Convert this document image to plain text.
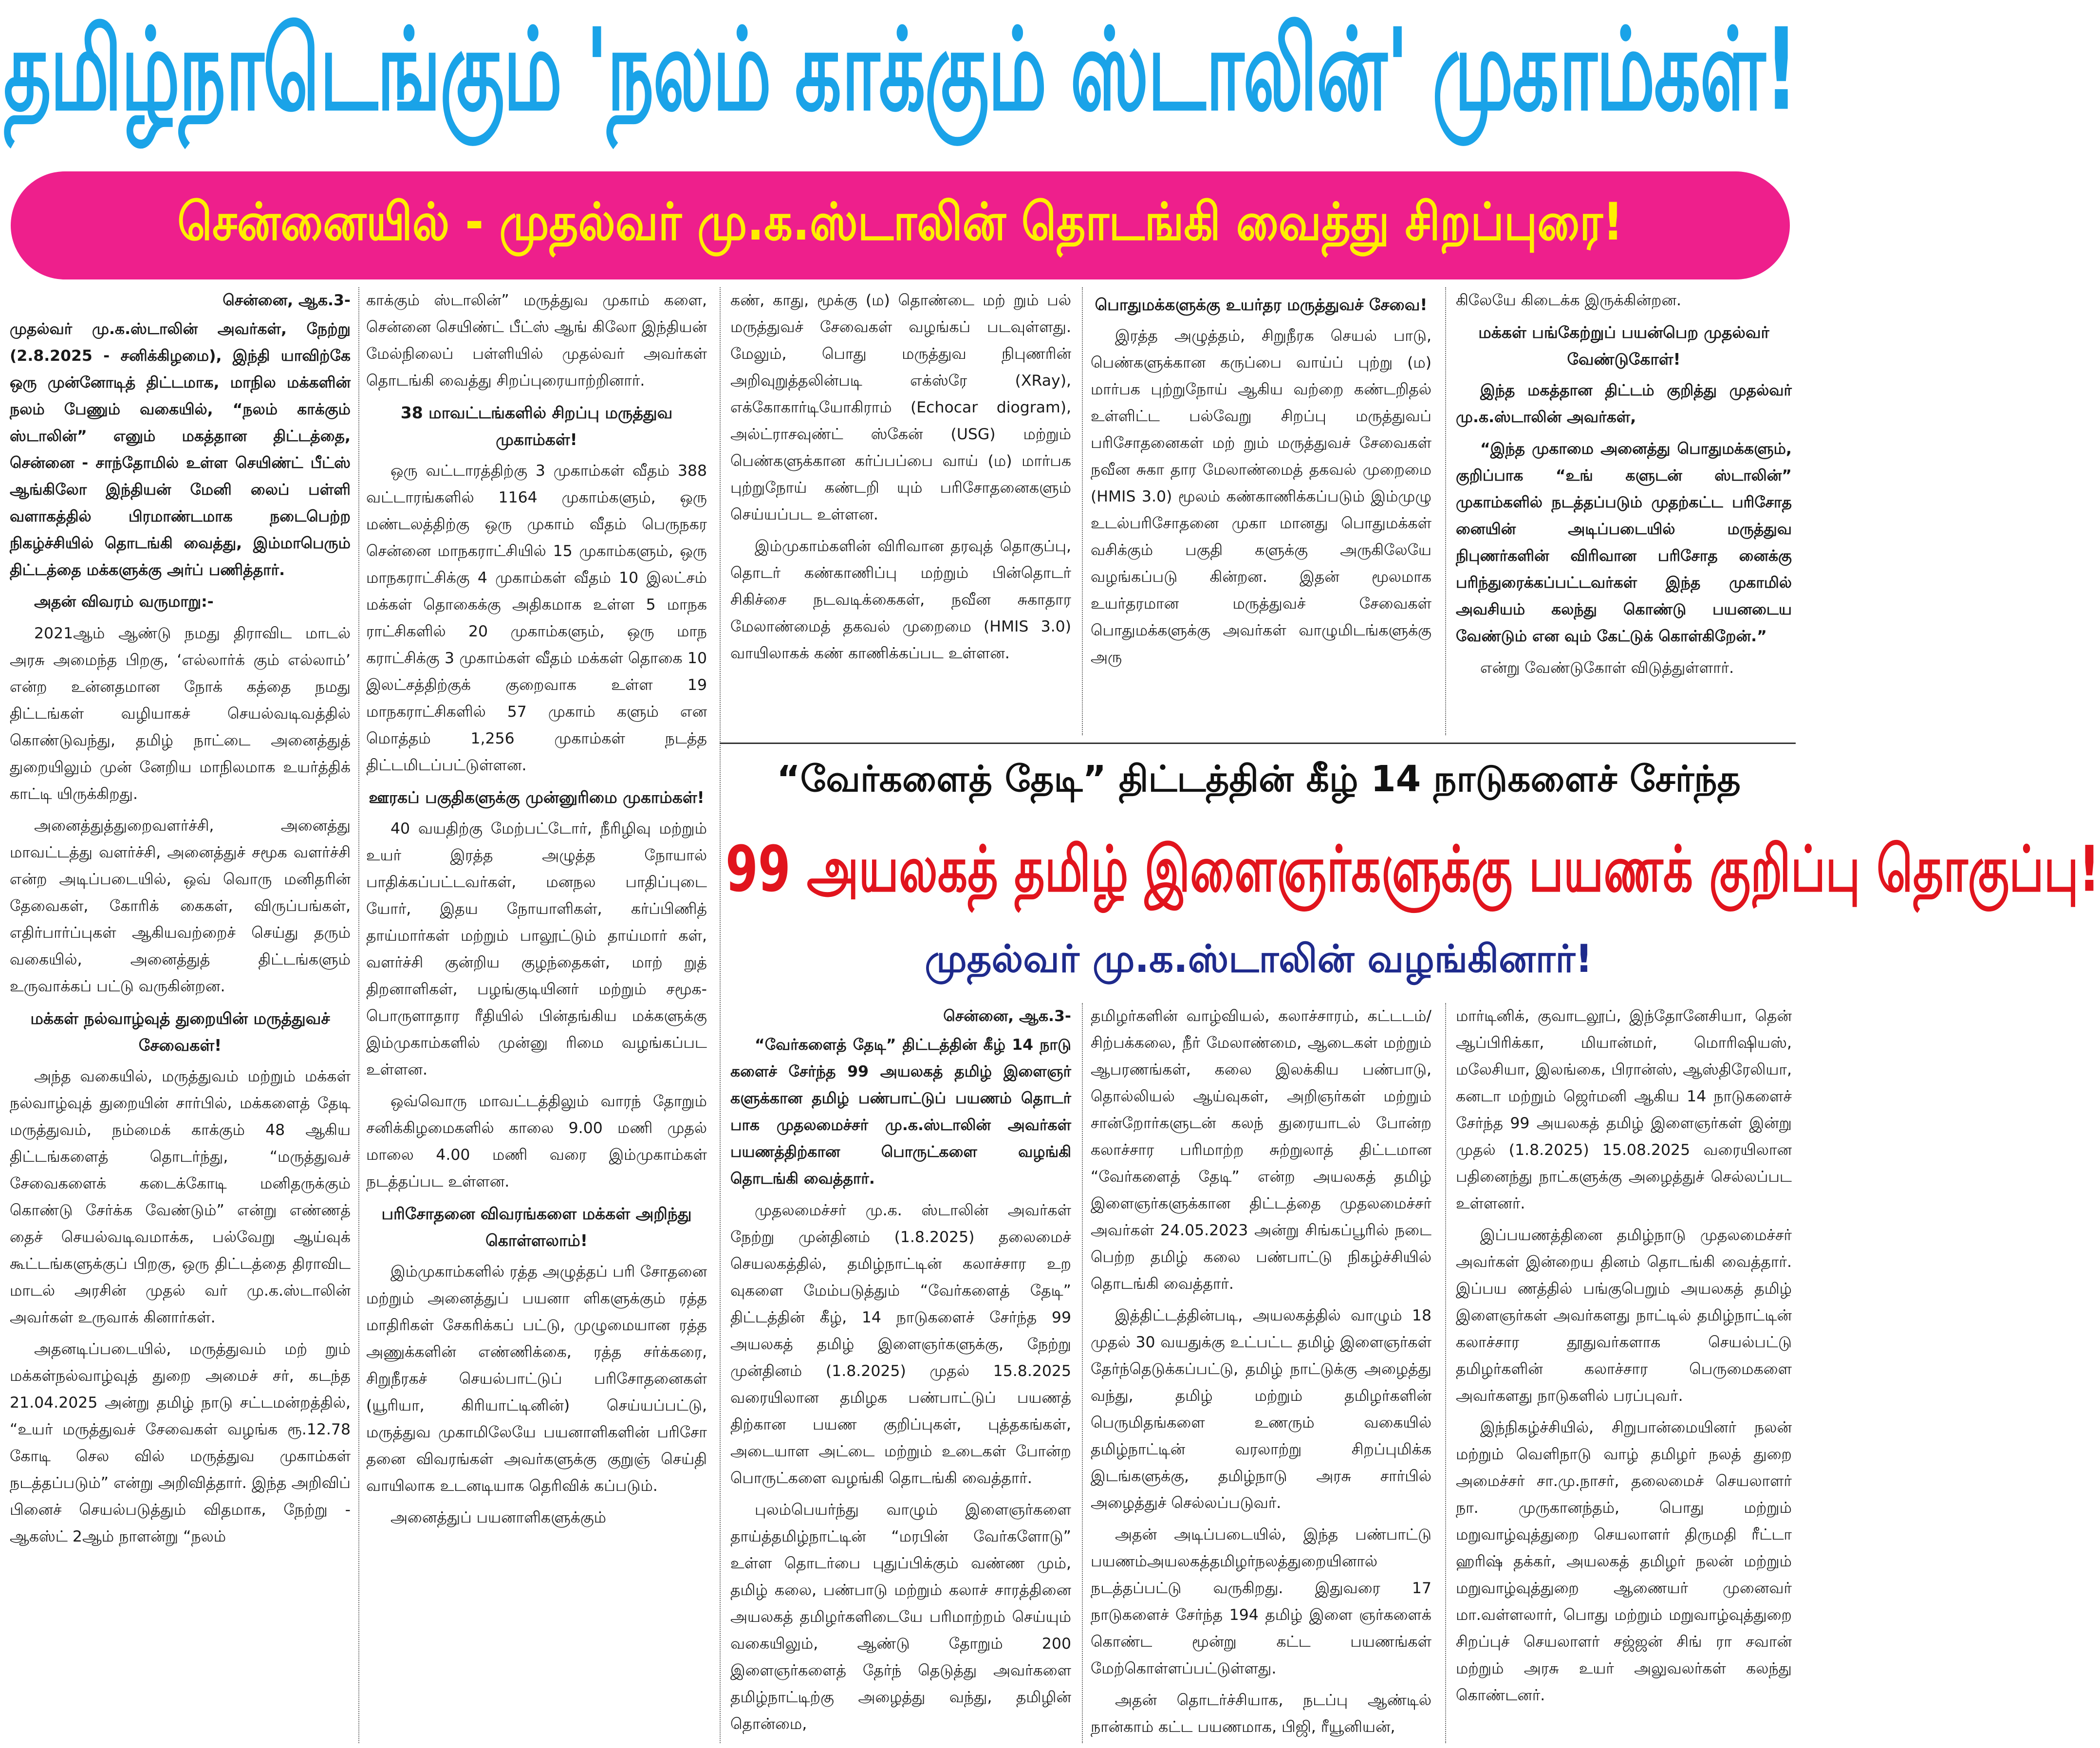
தமிழ்நாடெங்கும் 'நலம் காக்கும் ஸ்டாலின்' முகாம்கள்!
சென்னையில் - முதல்வர் மு.க.ஸ்டாலின் தொடங்கி வைத்து சிறப்புரை!

சென்னை, ஆக.3-

முதல்வர் மு.க.ஸ்டாலின் அவர்கள், நேற்று (2.8.2025 - சனிக்கிழமை), இந்தி யாவிற்கே ஒரு முன்னோடித் திட்டமாக, மாநில மக்களின் நலம் பேணும் வகையில், “நலம் காக்கும் ஸ்டாலின்” எனும் மகத்தான திட்டத்தை, சென்னை - சாந்தோமில் உள்ள செயிண்ட் பீட்ஸ் ஆங்கிலோ இந்தியன் மேனி லைப் பள்ளி வளாகத்தில் பிரமாண்டமாக நடைபெற்ற நிகழ்ச்சியில் தொடங்கி வைத்து, இம்மாபெரும் திட்டத்தை மக்களுக்கு அர்ப் பணித்தார்.

அதன் விவரம் வருமாறு:-

2021ஆம் ஆண்டு நமது திராவிட மாடல் அரசு அமைந்த பிறகு, ‘எல்லார்க் கும் எல்லாம்’ என்ற உன்னதமான நோக் கத்தை நமது திட்டங்கள் வழியாகச் செயல்வடிவத்தில் கொண்டுவந்து, தமிழ் நாட்டை அனைத்துத் துறையிலும் முன் னேறிய மாநிலமாக உயர்த்திக் காட்டி யிருக்கிறது.

அனைத்துத்துறைவளர்ச்சி, அனைத்து மாவட்டத்து வளர்ச்சி, அனைத்துச் சமூக வளர்ச்சி என்ற அடிப்படையில், ஒவ் வொரு மனிதரின் தேவைகள், கோரிக் கைகள், விருப்பங்கள், எதிர்பார்ப்புகள் ஆகியவற்றைச் செய்து தரும் வகையில், அனைத்துத் திட்டங்களும் உருவாக்கப் பட்டு வருகின்றன.

மக்கள் நல்வாழ்வுத் துறையின் மருத்துவச் சேவைகள்!

அந்த வகையில், மருத்துவம் மற்றும் மக்கள் நல்வாழ்வுத் துறையின் சார்பில், மக்களைத் தேடி மருத்துவம், நம்மைக் காக்கும் 48 ஆகிய திட்டங்களைத் தொடர்ந்து, “மருத்துவச் சேவைகளைக் கடைக்கோடி மனிதருக்கும் கொண்டு சேர்க்க வேண்டும்” என்று எண்ணத் தைச் செயல்வடிவமாக்க, பல்வேறு ஆய்வுக் கூட்டங்களுக்குப் பிறகு, ஒரு திட்டத்தை திராவிட மாடல் அரசின் முதல் வர் மு.க.ஸ்டாலின் அவர்கள் உருவாக் கினார்கள்.

அதனடிப்படையில், மருத்துவம் மற் றும் மக்கள்நல்வாழ்வுத் துறை அமைச் சர், கடந்த 21.04.2025 அன்று தமிழ் நாடு சட்டமன்றத்தில், “உயர் மருத்துவச் சேவைகள் வழங்க ரூ.12.78 கோடி செல வில் மருத்துவ முகாம்கள் நடத்தப்படும்” என்று அறிவித்தார். இந்த அறிவிப் பினைச் செயல்படுத்தும் விதமாக, நேற்று - ஆகஸ்ட் 2ஆம் நாளன்று “நலம்

காக்கும் ஸ்டாலின்” மருத்துவ முகாம் களை, சென்னை செயிண்ட் பீட்ஸ் ஆங் கிலோ இந்தியன் மேல்நிலைப் பள்ளியில் முதல்வர் அவர்கள் தொடங்கி வைத்து சிறப்புரையாற்றினார்.

38 மாவட்டங்களில் சிறப்பு மருத்துவ முகாம்கள்!

ஒரு வட்டாரத்திற்கு 3 முகாம்கள் வீதம் 388 வட்டாரங்களில் 1164 முகாம்களும், ஒரு மண்டலத்திற்கு ஒரு முகாம் வீதம் பெருநகர சென்னை மாநகராட்சியில் 15 முகாம்களும், ஒரு மாநகராட்சிக்கு 4 முகாம்கள் வீதம் 10 இலட்சம் மக்கள் தொகைக்கு அதிகமாக உள்ள 5 மாநக ராட்சிகளில் 20 முகாம்களும், ஒரு மாந கராட்சிக்கு 3 முகாம்கள் வீதம் மக்கள் தொகை 10 இலட்சத்திற்குக் குறைவாக உள்ள 19 மாநகராட்சிகளில் 57 முகாம் களும் என மொத்தம் 1,256 முகாம்கள் நடத்த திட்டமிடப்பட்டுள்ளன.

ஊரகப் பகுதிகளுக்கு முன்னுரிமை முகாம்கள்!

40 வயதிற்கு மேற்பட்டோர், நீரிழிவு மற்றும் உயர் இரத்த அழுத்த நோயால் பாதிக்கப்பட்டவர்கள், மனநல பாதிப்புடை யோர், இதய நோயாளிகள், கர்ப்பிணித் தாய்மார்கள் மற்றும் பாலூட்டும் தாய்மார் கள், வளர்ச்சி குன்றிய குழந்தைகள், மாற் றுத் திறனாளிகள், பழங்குடியினர் மற்றும் சமூக-பொருளாதார ரீதியில் பின்தங்கிய மக்களுக்கு இம்முகாம்களில் முன்னு ரிமை வழங்கப்பட உள்ளன.

ஒவ்வொரு மாவட்டத்திலும் வாரந் தோறும் சனிக்கிழமைகளில் காலை 9.00 மணி முதல் மாலை 4.00 மணி வரை இம்முகாம்கள் நடத்தப்பட உள்ளன.

பரிசோதனை விவரங்களை மக்கள் அறிந்து கொள்ளலாம்!

இம்முகாம்களில் ரத்த அழுத்தப் பரி சோதனை மற்றும் அனைத்துப் பயனா ளிகளுக்கும் ரத்த மாதிரிகள் சேகரிக்கப் பட்டு, முழுமையான ரத்த அணுக்களின் எண்ணிக்கை, ரத்த சர்க்கரை, சிறுநீரகச் செயல்பாட்டுப் பரிசோதனைகள் (யூரியா, கிரியாட்டினின்) செய்யப்பட்டு, மருத்துவ முகாமிலேயே பயனாளிகளின் பரிசோ தனை விவரங்கள் அவர்களுக்கு குறுஞ் செய்தி வாயிலாக உடனடியாக தெரிவிக் கப்படும்.

அனைத்துப் பயனாளிகளுக்கும்

கண், காது, மூக்கு (ம) தொண்டை மற் றும் பல் மருத்துவச் சேவைகள் வழங்கப் படவுள்ளது. மேலும், பொது மருத்துவ நிபுணரின் அறிவுறுத்தலின்படி எக்ஸ்ரே (XRay), எக்கோகார்டியோகிராம் (Echocar diogram), அல்ட்ராசவுண்ட் ஸ்கேன் (USG) மற்றும் பெண்களுக்கான கர்ப்பப்பை வாய் (ம) மார்பக புற்றுநோய் கண்டறி யும் பரிசோதனைகளும் செய்யப்பட உள்ளன.

இம்முகாம்களின் விரிவான தரவுத் தொகுப்பு, தொடர் கண்காணிப்பு மற்றும் பின்தொடர் சிகிச்சை நடவடிக்கைகள், நவீன சுகாதார மேலாண்மைத் தகவல் முறைமை (HMIS 3.0) வாயிலாகக் கண் காணிக்கப்பட உள்ளன.

பொதுமக்களுக்கு உயர்தர மருத்துவச் சேவை!

இரத்த அழுத்தம், சிறுநீரக செயல் பாடு, பெண்களுக்கான கருப்பை வாய்ப் புற்று (ம) மார்பக புற்றுநோய் ஆகிய வற்றை கண்டறிதல் உள்ளிட்ட பல்வேறு சிறப்பு மருத்துவப் பரிசோதனைகள் மற் றும் மருத்துவச் சேவைகள் நவீன சுகா தார மேலாண்மைத் தகவல் முறைமை (HMIS 3.0) மூலம் கண்காணிக்கப்படும் இம்முழு உடல்பரிசோதனை முகா மானது பொதுமக்கள் வசிக்கும் பகுதி களுக்கு அருகிலேயே வழங்கப்படு கின்றன. இதன் மூலமாக உயர்தரமான மருத்துவச் சேவைகள் பொதுமக்களுக்கு அவர்கள் வாழுமிடங்களுக்கு அரு

கிலேயே கிடைக்க இருக்கின்றன.

மக்கள் பங்கேற்றுப் பயன்பெற முதல்வர் வேண்டுகோள்!

இந்த மகத்தான திட்டம் குறித்து முதல்வர் மு.க.ஸ்டாலின் அவர்கள்,

“இந்த முகாமை அனைத்து பொதுமக்களும், குறிப்பாக “உங் களுடன் ஸ்டாலின்” முகாம்களில் நடத்தப்படும் முதற்கட்ட பரிசோத னையின் அடிப்படையில் மருத்துவ நிபுணர்களின் விரிவான பரிசோத னைக்கு பரிந்துரைக்கப்பட்டவர்கள் இந்த முகாமில் அவசியம் கலந்து கொண்டு பயனடைய வேண்டும் என வும் கேட்டுக் கொள்கிறேன்.”

என்று வேண்டுகோள் விடுத்துள்ளார்.

“வேர்களைத் தேடி” திட்டத்தின் கீழ் 14 நாடுகளைச் சேர்ந்த
99 அயலகத் தமிழ் இளைஞர்களுக்கு பயணக் குறிப்பு தொகுப்பு!
முதல்வர் மு.க.ஸ்டாலின் வழங்கினார்!

சென்னை, ஆக.3-

“வேர்களைத் தேடி” திட்டத்தின் கீழ் 14 நாடு களைச் சேர்ந்த 99 அயலகத் தமிழ் இளைஞர் களுக்கான தமிழ் பண்பாட்டுப் பயணம் தொடர் பாக முதலமைச்சர் மு.க.ஸ்டாலின் அவர்கள் பயணத்திற்கான பொருட்களை வழங்கி தொடங்கி வைத்தார்.

முதலமைச்சர் மு.க. ஸ்டாலின் அவர்கள் நேற்று முன்தினம் (1.8.2025) தலைமைச் செயலகத்தில், தமிழ்நாட்டின் கலாச்சார உற வுகளை மேம்படுத்தும் “வேர்களைத் தேடி” திட்டத்தின் கீழ், 14 நாடுகளைச் சேர்ந்த 99 அயலகத் தமிழ் இளைஞர்களுக்கு, நேற்று முன்தினம் (1.8.2025) முதல் 15.8.2025 வரையிலான தமிழக பண்பாட்டுப் பயணத் திற்கான பயண குறிப்புகள், புத்தகங்கள், அடையாள அட்டை மற்றும் உடைகள் போன்ற பொருட்களை வழங்கி தொடங்கி வைத்தார்.

புலம்பெயர்ந்து வாழும் இளைஞர்களை தாய்த்தமிழ்நாட்டின் “மரபின் வேர்களோடு” உள்ள தொடர்பை புதுப்பிக்கும் வண்ண மும், தமிழ் கலை, பண்பாடு மற்றும் கலாச் சாரத்தினை அயலகத் தமிழர்களிடையே பரிமாற்றம் செய்யும் வகையிலும், ஆண்டு தோறும் 200 இளைஞர்களைத் தேர்ந் தெடுத்து அவர்களை தமிழ்நாட்டிற்கு அழைத்து வந்து, தமிழின் தொன்மை,

தமிழர்களின் வாழ்வியல், கலாச்சாரம், கட்டடம்/சிற்பக்கலை, நீர் மேலாண்மை, ஆடைகள் மற்றும் ஆபரணங்கள், கலை இலக்கிய பண்பாடு, தொல்லியல் ஆய்வுகள், அறிஞர்கள் மற்றும் சான்றோர்களுடன் கலந் துரையாடல் போன்ற கலாச்சார பரிமாற்ற சுற்றுலாத் திட்டமான “வேர்களைத் தேடி” என்ற அயலகத் தமிழ் இளைஞர்களுக்கான திட்டத்தை முதலமைச்சர் அவர்கள் 24.05.2023 அன்று சிங்கப்பூரில் நடை பெற்ற தமிழ் கலை பண்பாட்டு நிகழ்ச்சியில் தொடங்கி வைத்தார்.

இத்திட்டத்தின்படி, அயலகத்தில் வாழும் 18 முதல் 30 வயதுக்கு உட்பட்ட தமிழ் இளைஞர்கள் தேர்ந்தெடுக்கப்பட்டு, தமிழ் நாட்டுக்கு அழைத்து வந்து, தமிழ் மற்றும் தமிழர்களின் பெருமிதங்களை உணரும் வகையில் தமிழ்நாட்டின் வரலாற்று சிறப்புமிக்க இடங்களுக்கு, தமிழ்நாடு அரசு சார்பில் அழைத்துச் செல்லப்படுவர்.

அதன் அடிப்படையில், இந்த பண்பாட்டு பயணம்அயலகத்தமிழர்நலத்துறையினால் நடத்தப்பட்டு வருகிறது. இதுவரை 17 நாடுகளைச் சேர்ந்த 194 தமிழ் இளை ஞர்களைக் கொண்ட மூன்று கட்ட பயணங்கள் மேற்கொள்ளப்பட்டுள்ளது.

அதன் தொடர்ச்சியாக, நடப்பு ஆண்டில் நான்காம் கட்ட பயணமாக, பிஜி, ரீயூனியன்,

மார்டினிக், குவாடலூப், இந்தோனேசியா, தென் ஆப்பிரிக்கா, மியான்மர், மொரிஷியஸ், மலேசியா, இலங்கை, பிரான்ஸ், ஆஸ்திரேலியா, கனடா மற்றும் ஜெர்மனி ஆகிய 14 நாடுகளைச் சேர்ந்த 99 அயலகத் தமிழ் இளைஞர்கள் இன்று முதல் (1.8.2025) 15.08.2025 வரையிலான பதினைந்து நாட்களுக்கு அழைத்துச் செல்லப்பட உள்ளனர்.

இப்பயணத்தினை தமிழ்நாடு முதலமைச்சர் அவர்கள் இன்றைய தினம் தொடங்கி வைத்தார். இப்பய ணத்தில் பங்குபெறும் அயலகத் தமிழ் இளைஞர்கள் அவர்களது நாட்டில் தமிழ்நாட்டின் கலாச்சார தூதுவர்களாக செயல்பட்டு தமிழர்களின் கலாச்சார பெருமைகளை அவர்களது நாடுகளில் பரப்புவர்.

இந்நிகழ்ச்சியில், சிறுபான்மையினர் நலன் மற்றும் வெளிநாடு வாழ் தமிழர் நலத் துறை அமைச்சர் சா.மு.நாசர், தலைமைச் செயலாளர் நா. முருகானந்தம், பொது மற்றும் மறுவாழ்வுத்துறை செயலாளர் திருமதி ரீட்டா ஹரிஷ் தக்கர், அயலகத் தமிழர் நலன் மற்றும் மறுவாழ்வுத்துறை ஆணையர் முனைவர் மா.வள்ளலார், பொது மற்றும் மறுவாழ்வுத்துறை சிறப்புச் செயலாளர் சஜ்ஜன் சிங் ரா சவான் மற்றும் அரசு உயர் அலுவலர்கள் கலந்து கொண்டனர்.
